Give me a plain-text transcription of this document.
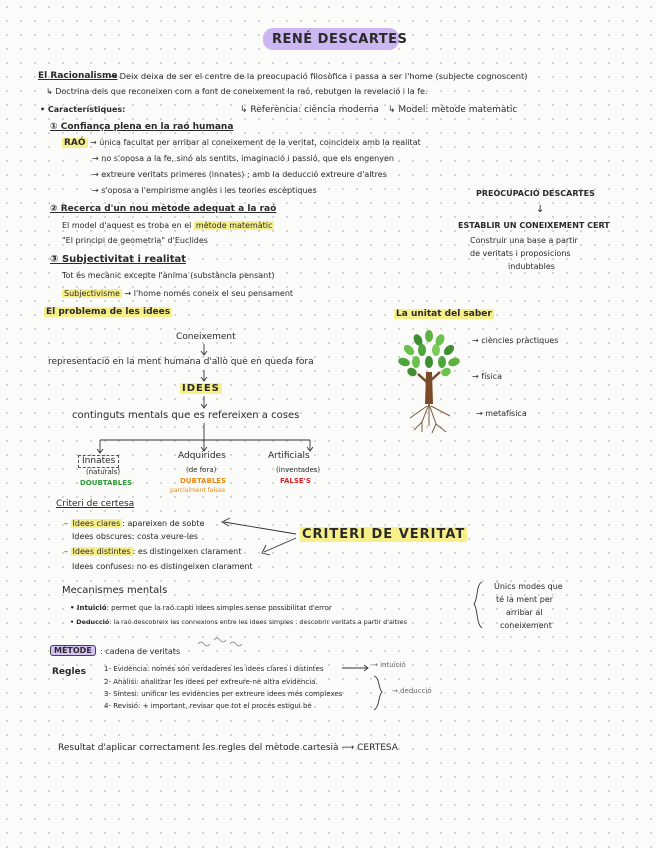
RENÉ DESCARTES
El Racionalisme
→ Deix deixa de ser el centre de la preocupació filosòfica i passa a ser l'home (subjecte cognoscent)
↳ Doctrina dels que reconeixen com a font de coneixement la raó, rebutgen la revelació i la fe.
• Característiques:	↳ Referència: ciència moderna ↳ Model: mètode matemàtic
① Confiança plena en la raó humana
RAÓ → única facultat per arribar al coneixement de la veritat, coincideix amb la realitat
→ no s'oposa a la fe, sinó als sentits, imaginació i passió, que els engenyen
→ extreure veritats primeres (innates) ; amb la deducció extreure d'altres
→ s'oposa a l'empirisme anglès i les teories escèptiques
② Recerca d'un nou mètode adequat a la raó
El model d'aquest es troba en el mètode matemàtic
"El principi de geometria" d'Euclides
③ Subjectivitat i realitat
Tot és mecànic excepte l'ànima (substància pensant)
Subjectivisme → l'home només coneix el seu pensament
PREOCUPACIÓ DESCARTES
↓
ESTABLIR UN CONEIXEMENT CERT
Construir una base a partir
de veritats i proposicions
indubtables
El problema de les idees
Coneixement
representació en la ment humana d'allò que en queda fora
IDEES
continguts mentals que es refereixen a coses
Innates
(naturals)
DOUBTABLES
Adquirides
(de fora)
DUBTABLES
parcialment falses
Artificials
(inventades)
FALSE'S
La unitat del saber
→ ciències pràctiques
→ física
→ metafísica
Criteri de certesa
– Idees clares : apareixen de sobte
Idees obscures: costa veure-les
– Idees distintes : es distingeixen clarament
Idees confuses: no es distingeixen clarament
CRITERI DE VERITAT
Mecanismes mentals
• Intuició: permet que la raó capti idees simples sense possibilitat d'error
• Deducció: la raó descobreix les connexions entre les idees simples ; descobrir veritats a partir d'altres
Únics modes que
té la ment per
arribar al
coneixement
MÈTODE	: cadena de veritats
Regles	1- Evidència: només són verdaderes les idees clares i distintes	→ intuïció
2- Anàlisi: analitzar les idees per extreure-ne altra evidència.
3- Síntesi: unificar les evidències per extreure idees més complexes
4- Revisió: + important, revisar que tot el procés estigui bé
→ deducció
Resultat d'aplicar correctament les regles del mètode cartesià ⟶ CERTESA
